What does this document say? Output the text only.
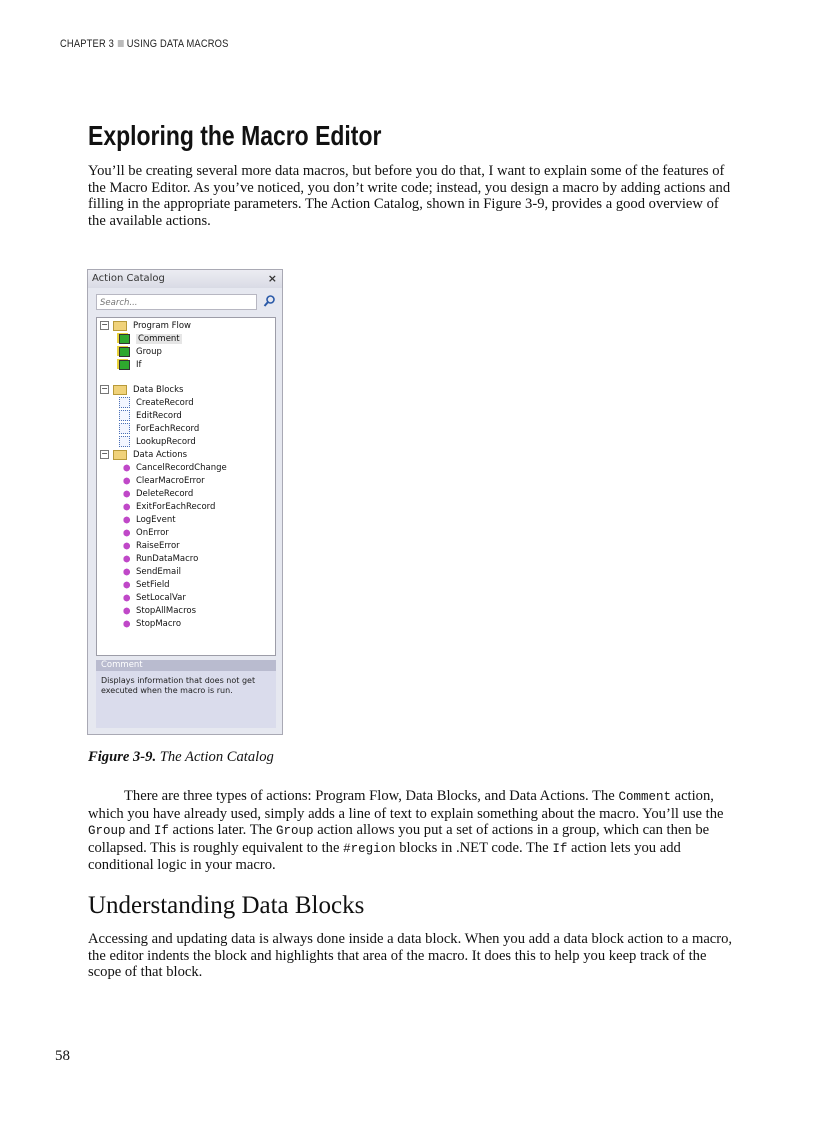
CHAPTER 3 USING DATA MACROS
Exploring the Macro Editor
You’ll be creating several more data macros, but before you do that, I want to explain some of the features of the Macro Editor. As you’ve noticed, you don’t write code; instead, you design a macro by adding actions and filling in the appropriate parameters. The Action Catalog, shown in Figure 3-9, provides a good overview of the available actions.
Action Catalog	×
Search...
−	Program Flow
Comment
Group
If
−	Data Blocks
CreateRecord
EditRecord
ForEachRecord
LookupRecord
−	Data Actions
CancelRecordChange
ClearMacroError
DeleteRecord
ExitForEachRecord
LogEvent
OnError
RaiseError
RunDataMacro
SendEmail
SetField
SetLocalVar
StopAllMacros
StopMacro
Comment
Displays information that does not get executed when the macro is run.
Figure 3-9. The Action Catalog
There are three types of actions: Program Flow, Data Blocks, and Data Actions. The Comment action, which you have already used, simply adds a line of text to explain something about the macro. You’ll use the Group and If actions later. The Group action allows you put a set of actions in a group, which can then be collapsed. This is roughly equivalent to the #region blocks in .NET code. The If action lets you add conditional logic in your macro.
Understanding Data Blocks
Accessing and updating data is always done inside a data block. When you add a data block action to a macro, the editor indents the block and highlights that area of the macro. It does this to help you keep track of the scope of that block.
58
